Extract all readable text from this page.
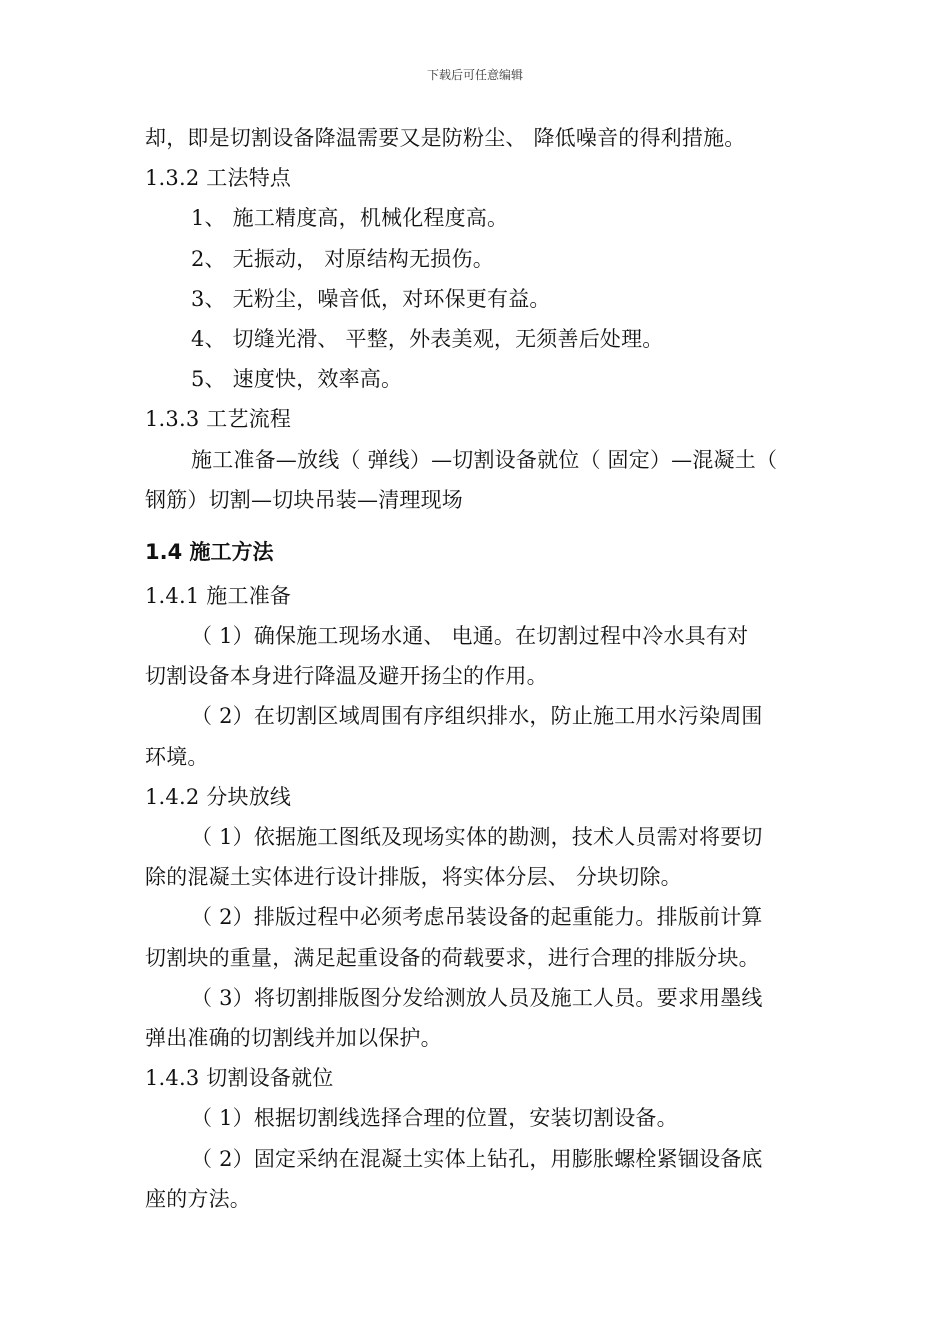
下载后可任意编辑
却，即是切割设备降温需要又是防粉尘、 降低噪音的得利措施。
1.3.2 工法特点
1、 施工精度高，机械化程度高。
2、 无振动， 对原结构无损伤。
3、 无粉尘，噪音低，对环保更有益。
4、 切缝光滑、 平整，外表美观，无须善后处理。
5、 速度快，效率高。
1.3.3 工艺流程
施工准备—放线（ 弹线）—切割设备就位（ 固定）—混凝土（
钢筋）切割—切块吊装—清理现场
1.4 施工方法
1.4.1 施工准备
（ 1）确保施工现场水通、 电通。在切割过程中冷水具有对
切割设备本身进行降温及避开扬尘的作用。
（ 2）在切割区域周围有序组织排水，防止施工用水污染周围
环境。
1.4.2 分块放线
（ 1）依据施工图纸及现场实体的勘测，技术人员需对将要切
除的混凝土实体进行设计排版，将实体分层、 分块切除。
（ 2）排版过程中必须考虑吊装设备的起重能力。排版前计算
切割块的重量，满足起重设备的荷载要求，进行合理的排版分块。
（ 3）将切割排版图分发给测放人员及施工人员。要求用墨线
弹出准确的切割线并加以保护。
1.4.3 切割设备就位
（ 1）根据切割线选择合理的位置，安装切割设备。
（ 2）固定采纳在混凝土实体上钻孔，用膨胀螺栓紧锢设备底
座的方法。
